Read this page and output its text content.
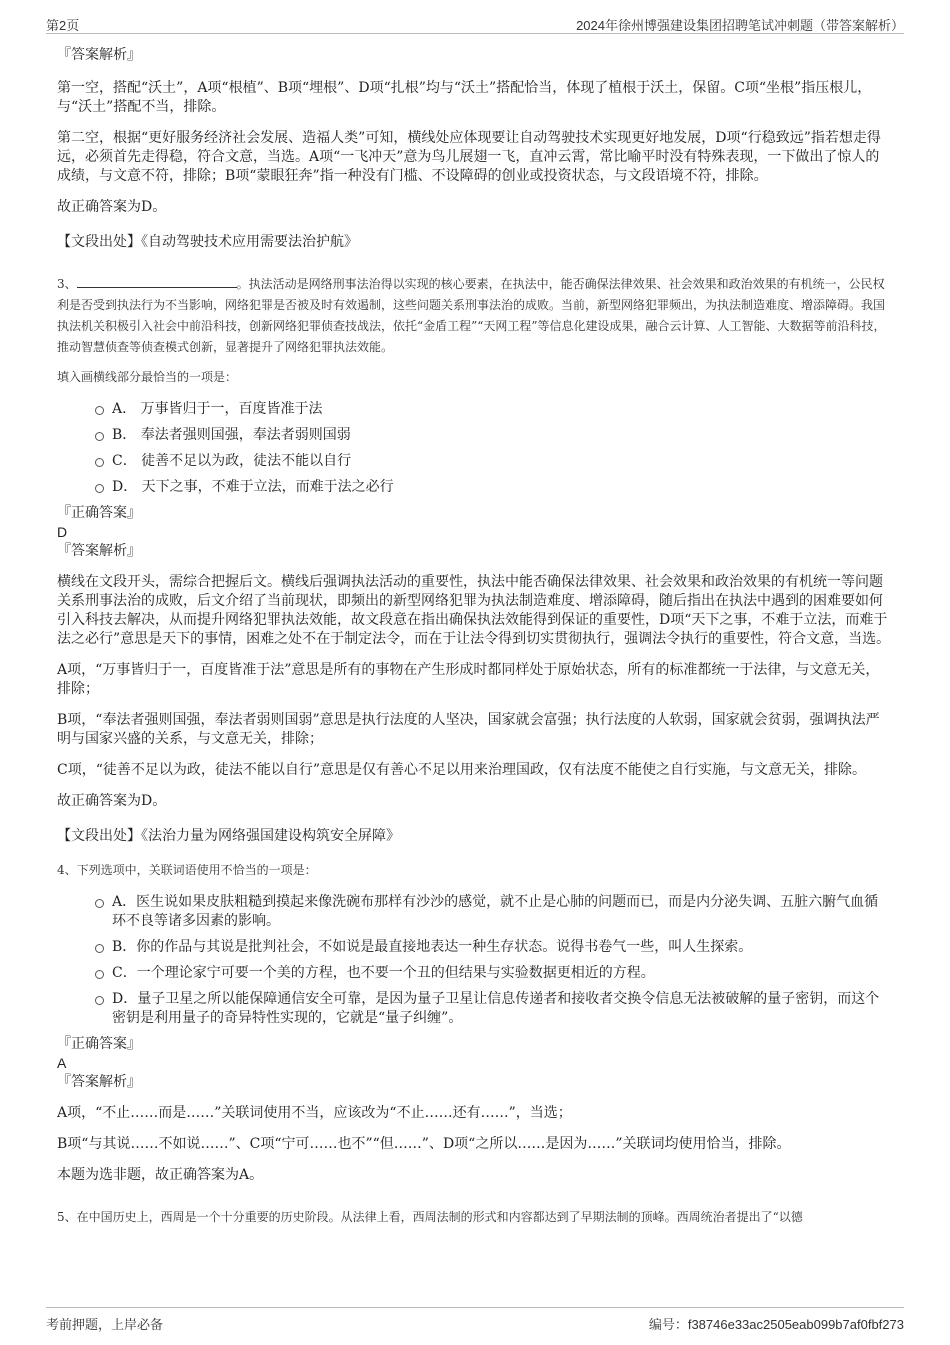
第2页	2024年徐州博强建设集团招聘笔试冲刺题（带答案解析）

『答案解析』

第一空，搭配“沃土”，A项“根植”、B项“埋根”、D项“扎根”均与“沃土”搭配恰当，体现了植根于沃土，保留。C项“坐根”指压根儿，与“沃土”搭配不当，排除。

第二空，根据“更好服务经济社会发展、造福人类”可知，横线处应体现要让自动驾驶技术实现更好地发展，D项“行稳致远”指若想走得远，必须首先走得稳，符合文意，当选。A项“一飞冲天”意为鸟儿展翅一飞，直冲云霄，常比喻平时没有特殊表现，一下做出了惊人的成绩，与文意不符，排除；B项“蒙眼狂奔”指一种没有门槛、不设障碍的创业或投资状态，与文段语境不符，排除。

故正确答案为D。

【文段出处】《自动驾驶技术应用需要法治护航》

3、	。执法活动是网络刑事法治得以实现的核心要素，在执法中，能否确保法律效果、社会效果和政治效果的有机统一，公民权利是否受到执法行为不当影响，网络犯罪是否被及时有效遏制，这些问题关系刑事法治的成败。当前，新型网络犯罪频出，为执法制造难度、增添障碍。我国执法机关积极引入社会中前沿科技，创新网络犯罪侦查技战法，依托“金盾工程”“天网工程”等信息化建设成果，融合云计算、人工智能、大数据等前沿科技，推动智慧侦查等侦查模式创新，显著提升了网络犯罪执法效能。

填入画横线部分最恰当的一项是：

A． 万事皆归于一，百度皆准于法
B． 奉法者强则国强，奉法者弱则国弱
C． 徒善不足以为政，徒法不能以自行
D． 天下之事，不难于立法，而难于法之必行

『正确答案』

D

『答案解析』

横线在文段开头，需综合把握后文。横线后强调执法活动的重要性，执法中能否确保法律效果、社会效果和政治效果的有机统一等问题关系刑事法治的成败，后文介绍了当前现状，即频出的新型网络犯罪为执法制造难度、增添障碍，随后指出在执法中遇到的困难要如何引入科技去解决，从而提升网络犯罪执法效能，故文段意在指出确保执法效能得到保证的重要性，D项“天下之事，不难于立法，而难于法之必行”意思是天下的事情，困难之处不在于制定法令，而在于让法令得到切实贯彻执行，强调法令执行的重要性，符合文意，当选。

A项，“万事皆归于一，百度皆准于法”意思是所有的事物在产生形成时都同样处于原始状态，所有的标准都统一于法律，与文意无关，排除；

B项，“奉法者强则国强，奉法者弱则国弱”意思是执行法度的人坚决，国家就会富强；执行法度的人软弱，国家就会贫弱，强调执法严明与国家兴盛的关系，与文意无关，排除；

C项，“徒善不足以为政，徒法不能以自行”意思是仅有善心不足以用来治理国政，仅有法度不能使之自行实施，与文意无关，排除。

故正确答案为D。

【文段出处】《法治力量为网络强国建设构筑安全屏障》

4、下列选项中，关联词语使用不恰当的一项是：

A．医生说如果皮肤粗糙到摸起来像洗碗布那样有沙沙的感觉，就不止是心肺的问题而已，而是内分泌失调、五脏六腑气血循环不良等诸多因素的影响。
B．你的作品与其说是批判社会，不如说是最直接地表达一种生存状态。说得书卷气一些，叫人生探索。
C．一个理论家宁可要一个美的方程，也不要一个丑的但结果与实验数据更相近的方程。
D．量子卫星之所以能保障通信安全可靠，是因为量子卫星让信息传递者和接收者交换令信息无法被破解的量子密钥，而这个密钥是利用量子的奇异特性实现的，它就是“量子纠缠”。

『正确答案』

A

『答案解析』

A项，“不止……而是……”关联词使用不当，应该改为“不止……还有……”，当选；

B项“与其说……不如说……”、C项“宁可……也不”“但……”、D项“之所以……是因为……”关联词均使用恰当，排除。

本题为选非题，故正确答案为A。

5、在中国历史上，西周是一个十分重要的历史阶段。从法律上看，西周法制的形式和内容都达到了早期法制的顶峰。西周统治者提出了“以德

考前押题，上岸必备	编号：f38746e33ac2505eab099b7af0fbf273
